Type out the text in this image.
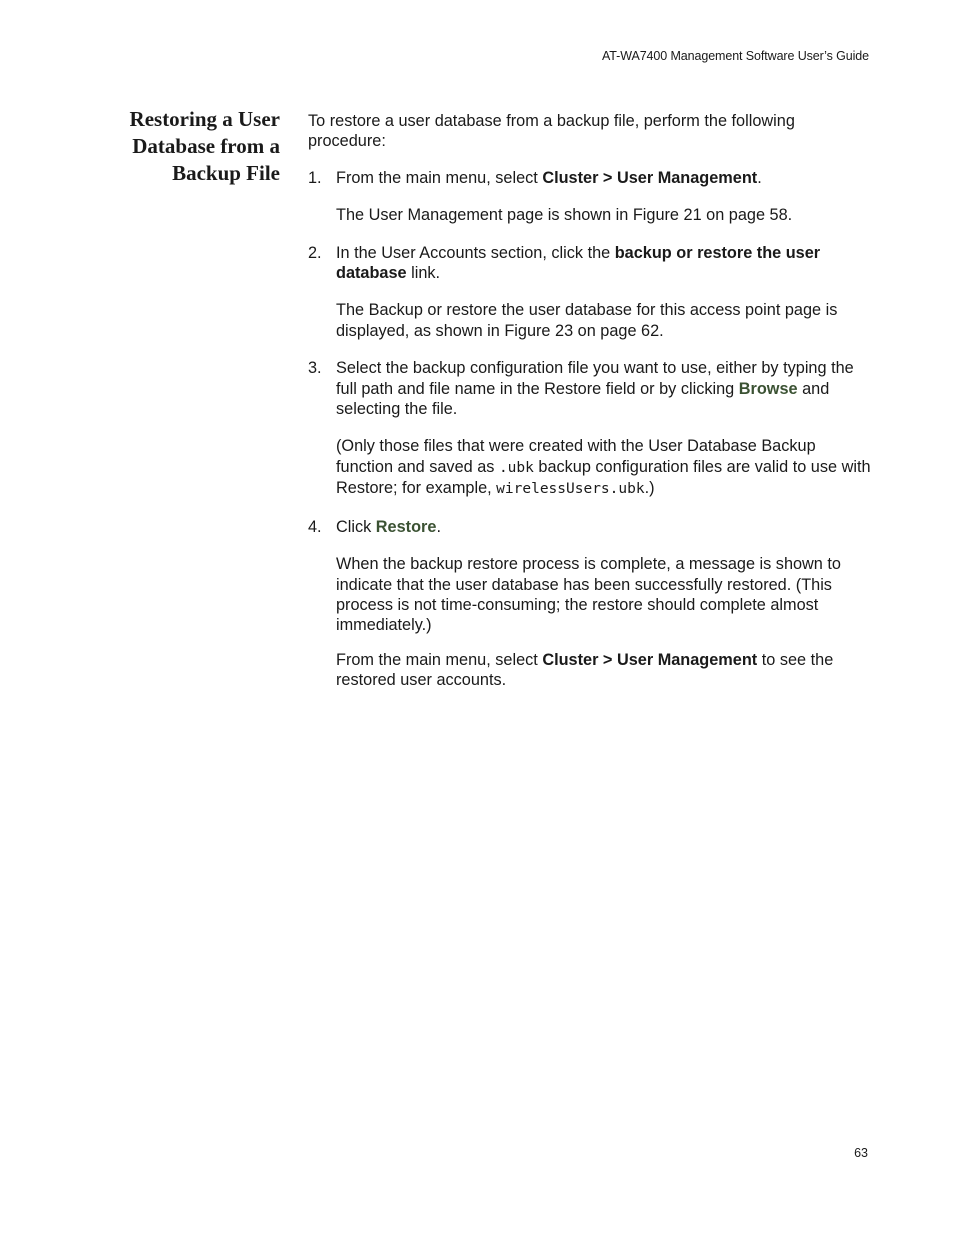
AT-WA7400 Management Software User’s Guide
Restoring a User
Database from a
Backup File

To restore a user database from a backup file, perform the following procedure:

1. From the main menu, select Cluster > User Management.

The User Management page is shown in Figure 21 on page 58.

2. In the User Accounts section, click the backup or restore the user database link.

The Backup or restore the user database for this access point page is displayed, as shown in Figure 23 on page 62.

3. Select the backup configuration file you want to use, either by typing the full path and file name in the Restore field or by clicking Browse and selecting the file.

(Only those files that were created with the User Database Backup function and saved as .ubk backup configuration files are valid to use with Restore; for example, wirelessUsers.ubk.)

4. Click Restore.

When the backup restore process is complete, a message is shown to indicate that the user database has been successfully restored. (This process is not time-consuming; the restore should complete almost immediately.)

From the main menu, select Cluster > User Management to see the restored user accounts.

63
